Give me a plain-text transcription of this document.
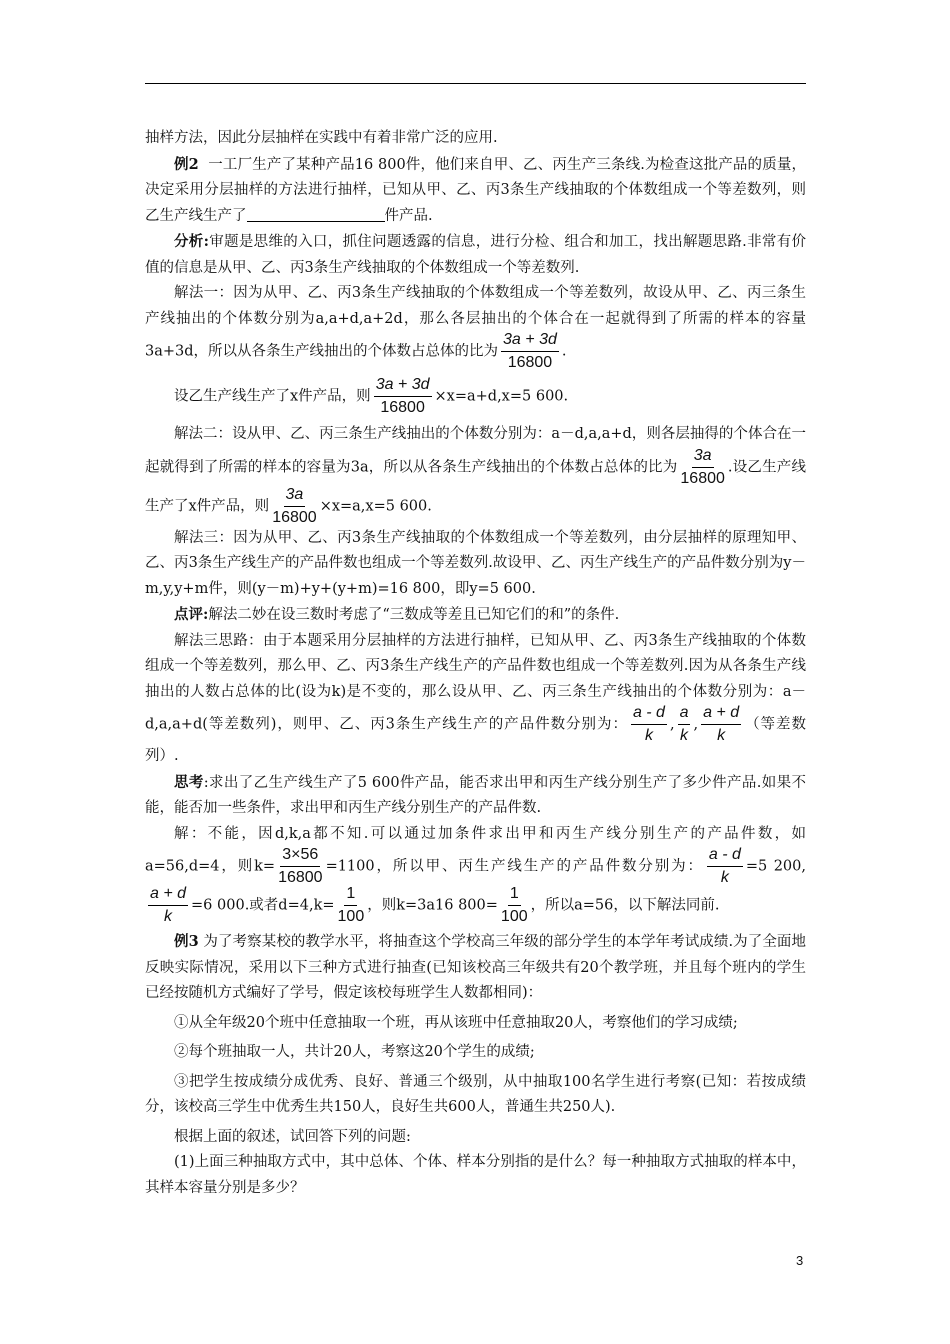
抽样方法，因此分层抽样在实践中有着非常广泛的应用.

例2 一工厂生产了某种产品16 800件，他们来自甲、乙、丙生产三条线.为检查这批产品的质量，决定采用分层抽样的方法进行抽样，已知从甲、乙、丙3条生产线抽取的个体数组成一个等差数列，则乙生产线生产了	件产品.

分析:审题是思维的入口，抓住问题透露的信息，进行分检、组合和加工，找出解题思路.非常有价值的信息是从甲、乙、丙3条生产线抽取的个体数组成一个等差数列.

解法一：因为从甲、乙、丙3条生产线抽取的个体数组成一个等差数列，故设从甲、乙、丙三条生产线抽出的个体数分别为a,a+d,a+2d，那么各层抽出的个体合在一起就得到了所需的样本的容量3a+3d，所以从各条生产线抽出的个体数占总体的比为 $\frac{3a + 3d}{16800}$ .

设乙生产线生产了x件产品，则 $\frac{3a + 3d}{16800} \times x=a+d,x=5$ 600.

解法二：设从甲、乙、丙三条生产线抽出的个体数分别为：a－d,a,a+d，则各层抽得的个体合在一起就得到了所需的样本的容量为3a，所以从各条生产线抽出的个体数占总体的比为 $\frac{3a}{16800}$ .设乙生产线生产了x件产品，则 $\frac{3a}{16800} \times x=a,x=5$ 600.

解法三：因为从甲、乙、丙3条生产线抽取的个体数组成一个等差数列，由分层抽样的原理知甲、乙、丙3条生产线生产的产品件数也组成一个等差数列.故设甲、乙、丙生产线生产的产品件数分别为y－m,y,y+m件，则(y－m)+y+(y+m)=16 800，即y=5 600.

点评:解法二妙在设三数时考虑了“三数成等差且已知它们的和”的条件.

解法三思路：由于本题采用分层抽样的方法进行抽样，已知从甲、乙、丙3条生产线抽取的个体数组成一个等差数列，那么甲、乙、丙3条生产线生产的产品件数也组成一个等差数列.因为从各条生产线抽出的人数占总体的比(设为k)是不变的，那么设从甲、乙、丙三条生产线抽出的个体数分别为：a－d,a,a+d(等差数列)，则甲、乙、丙3条生产线生产的产品件数分别为： $\frac{a - d}{k}$ , $\frac{a}{k}$ , $\frac{a + d}{k}$ （等差数列）.

思考:求出了乙生产线生产了5 600件产品，能否求出甲和丙生产线分别生产了多少件产品.如果不能，能否加一些条件，求出甲和丙生产线分别生产的产品件数.

解：不能，因d,k,a都不知.可以通过加条件求出甲和丙生产线分别生产的产品件数，如a=56,d=4，则$k= \frac{3\times 56}{16800} =1100$，所以甲、丙生产线生产的产品件数分别为： $\frac{a - d}{k} =5$ 200,
$\frac{a + d}{k} =6$ 000.或者$d=4,k= \frac{1}{100}$ ，则k=3a16 $800= \frac{1}{100}$ ，所以a=56，以下解法同前.

例3 为了考察某校的教学水平，将抽查这个学校高三年级的部分学生的本学年考试成绩.为了全面地反映实际情况，采用以下三种方式进行抽查(已知该校高三年级共有20个教学班，并且每个班内的学生已经按随机方式编好了学号，假定该校每班学生人数都相同)：

①从全年级20个班中任意抽取一个班，再从该班中任意抽取20人，考察他们的学习成绩;

②每个班抽取一人，共计20人，考察这20个学生的成绩;

③把学生按成绩分成优秀、良好、普通三个级别，从中抽取100名学生进行考察(已知：若按成绩分，该校高三学生中优秀生共150人，良好生共600人，普通生共250人).

根据上面的叙述，试回答下列的问题:

(1)上面三种抽取方式中，其中总体、个体、样本分别指的是什么？每一种抽取方式抽取的样本中，其样本容量分别是多少？

3
